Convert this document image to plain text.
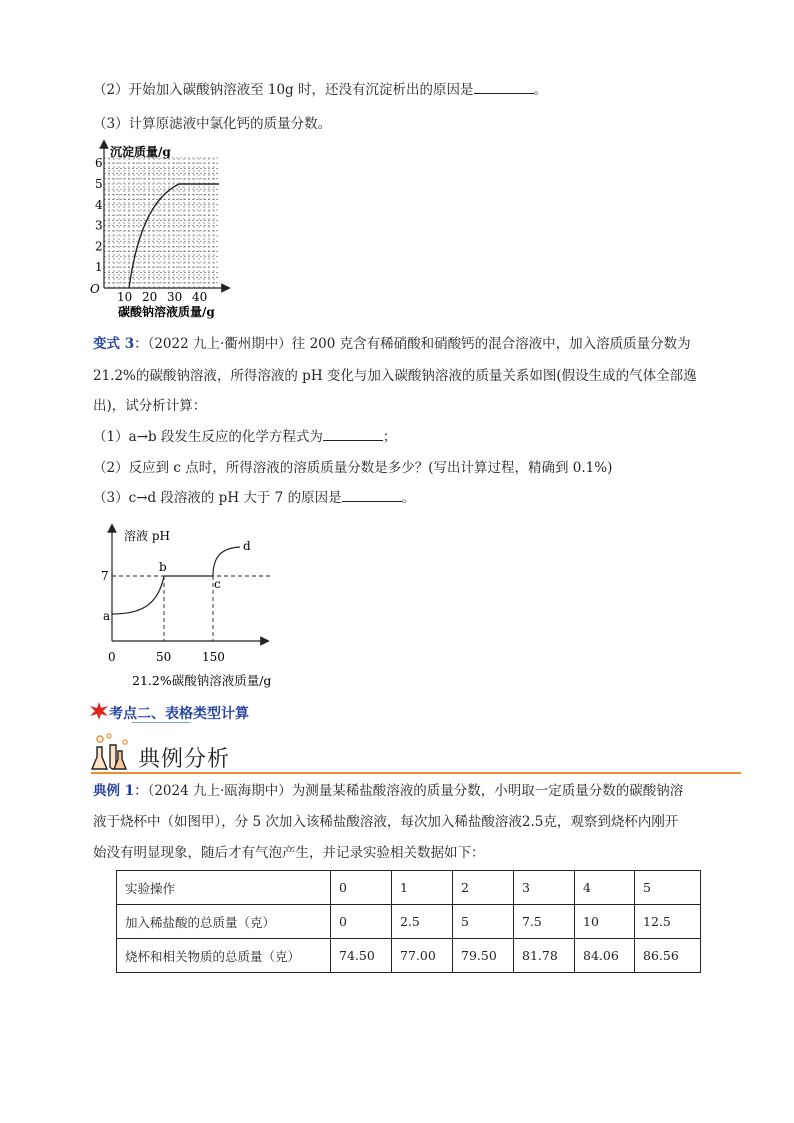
（2）开始加入碳酸钠溶液至 10g 时，还没有沉淀析出的原因是	。
（3）计算原滤液中氯化钙的质量分数。
沉淀质量/g
碳酸钠溶液质量/g
O
1
2
3
4
5
6
10 20 30 40
变式 3：（2022 九上·衢州期中）往 200 克含有稀硝酸和硝酸钙的混合溶液中，加入溶质质量分数为
21.2%的碳酸钠溶液，所得溶液的 pH 变化与加入碳酸钠溶液的质量关系如图(假设生成的气体全部逸
出)，试分析计算：
（1）a→b 段发生反应的化学方程式为	；
（2）反应到 c 点时，所得溶液的溶质质量分数是多少？(写出计算过程，精确到 0.1%)
（3）c→d 段溶液的 pH 大于 7 的原因是	。
溶液 pH
7
a
b
c
d
0	50	150
21.2%碳酸钠溶液质量/g
考点二、表格类型计算
典例分析
典例 1：（2024 九上·瓯海期中）为测量某稀盐酸溶液的质量分数，小明取一定质量分数的碳酸钠溶
液于烧杯中（如图甲），分 5 次加入该稀盐酸溶液，每次加入稀盐酸溶液2.5克，观察到烧杯内刚开
始没有明显现象，随后才有气泡产生，并记录实验相关数据如下：
实验操作	0	1	2	3	4	5
加入稀盐酸的总质量（克）	0	2.5	5	7.5	10	12.5
烧杯和相关物质的总质量（克）	74.50	77.00	79.50	81.78	84.06	86.56
